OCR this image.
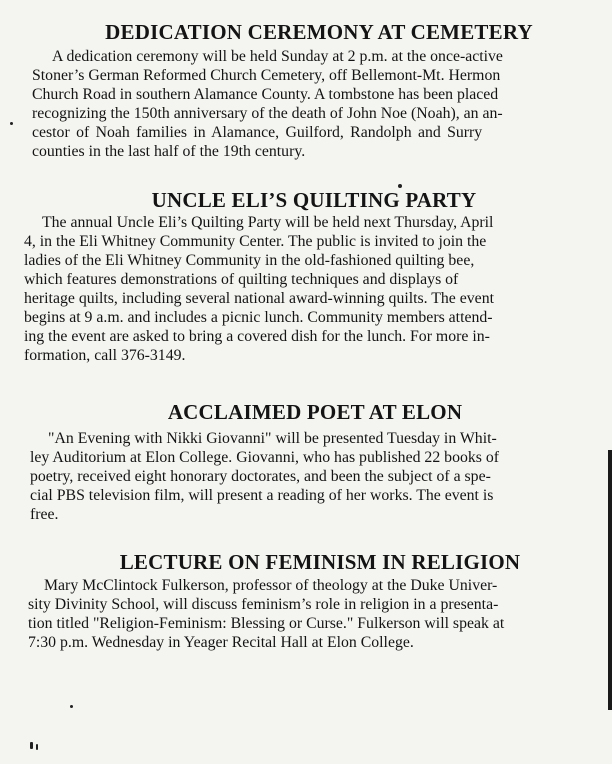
DEDICATION CEREMONY AT CEMETERY

A dedication ceremony will be held Sunday at 2 p.m. at the once-active

Stoner’s German Reformed Church Cemetery, off Bellemont-Mt. Hermon

Church Road in southern Alamance County. A tombstone has been placed

recognizing the 150th anniversary of the death of John Noe (Noah), an an-

cestor of Noah families in Alamance, Guilford, Randolph and Surry

counties in the last half of the 19th century.

UNCLE ELI’S QUILTING PARTY

The annual Uncle Eli’s Quilting Party will be held next Thursday, April

4, in the Eli Whitney Community Center. The public is invited to join the

ladies of the Eli Whitney Community in the old-fashioned quilting bee,

which features demonstrations of quilting techniques and displays of

heritage quilts, including several national award-winning quilts. The event

begins at 9 a.m. and includes a picnic lunch. Community members attend-

ing the event are asked to bring a covered dish for the lunch. For more in-

formation, call 376-3149.

ACCLAIMED POET AT ELON

"An Evening with Nikki Giovanni" will be presented Tuesday in Whit-

ley Auditorium at Elon College. Giovanni, who has published 22 books of

poetry, received eight honorary doctorates, and been the subject of a spe-

cial PBS television film, will present a reading of her works. The event is

free.

LECTURE ON FEMINISM IN RELIGION

Mary McClintock Fulkerson, professor of theology at the Duke Univer-

sity Divinity School, will discuss feminism’s role in religion in a presenta-

tion titled "Religion-Feminism: Blessing or Curse." Fulkerson will speak at

7:30 p.m. Wednesday in Yeager Recital Hall at Elon College.
